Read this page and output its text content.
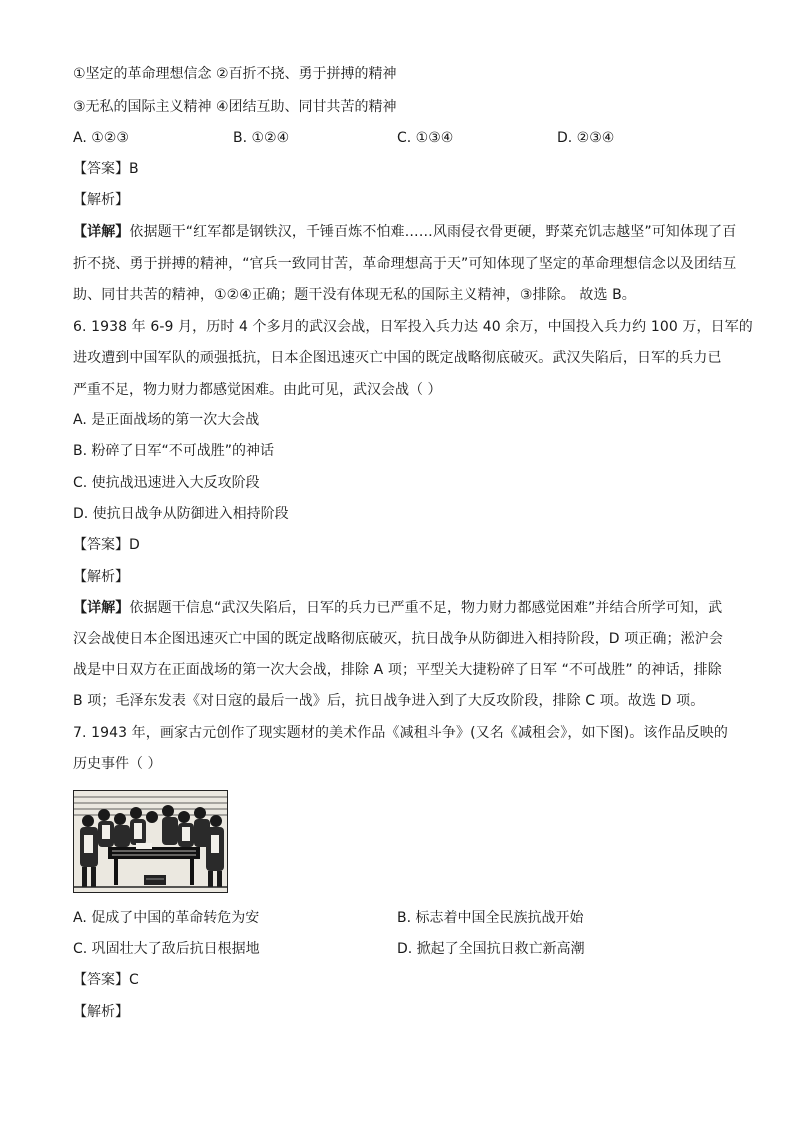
①坚定的革命理想信念 ②百折不挠、勇于拼搏的精神
③无私的国际主义精神 ④团结互助、同甘共苦的精神
A. ①②③	B. ①②④	C. ①③④	D. ②③④
【答案】B
【解析】
【详解】依据题干“红军都是钢铁汉，千锤百炼不怕难……风雨侵衣骨更硬，野菜充饥志越坚”可知体现了百
折不挠、勇于拼搏的精神，“官兵一致同甘苦，革命理想高于天”可知体现了坚定的革命理想信念以及团结互
助、同甘共苦的精神，①②④正确；题干没有体现无私的国际主义精神，③排除。 故选 B。
6. 1938 年 6-9 月，历时 4 个多月的武汉会战，日军投入兵力达 40 余万，中国投入兵力约 100 万，日军的
进攻遭到中国军队的顽强抵抗，日本企图迅速灭亡中国的既定战略彻底破灭。武汉失陷后，日军的兵力已
严重不足，物力财力都感觉困难。由此可见，武汉会战（ ）
A. 是正面战场的第一次大会战
B. 粉碎了日军“不可战胜”的神话
C. 使抗战迅速进入大反攻阶段
D. 使抗日战争从防御进入相持阶段
【答案】D
【解析】
【详解】依据题干信息“武汉失陷后，日军的兵力已严重不足，物力财力都感觉困难”并结合所学可知，武
汉会战使日本企图迅速灭亡中国的既定战略彻底破灭，抗日战争从防御进入相持阶段，D 项正确；淞沪会
战是中日双方在正面战场的第一次大会战，排除 A 项；平型关大捷粉碎了日军 “不可战胜” 的神话，排除
B 项；毛泽东发表《对日寇的最后一战》后，抗日战争进入到了大反攻阶段，排除 C 项。故选 D 项。
7. 1943 年，画家古元创作了现实题材的美术作品《减租斗争》(又名《减租会》，如下图)。该作品反映的
历史事件（ ）
A. 促成了中国的革命转危为安	B. 标志着中国全民族抗战开始
C. 巩固壮大了敌后抗日根据地	D. 掀起了全国抗日救亡新高潮
【答案】C
【解析】
